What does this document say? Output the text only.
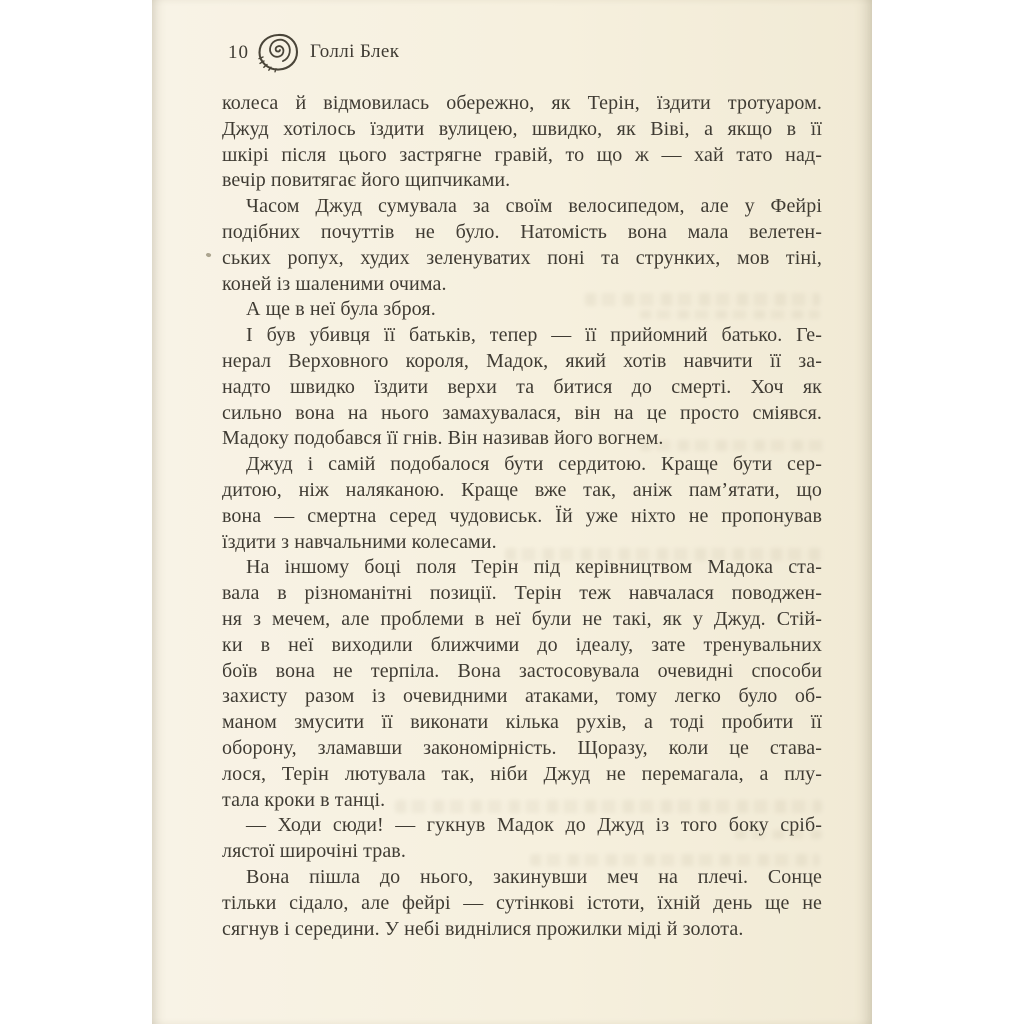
10	Голлі Блек
колеса й відмовилась обережно, як Терін, їздити тротуаром.
Джуд хотілось їздити вулицею, швидко, як Віві, а якщо в її
шкірі після цього застрягне гравій, то що ж — хай тато над-
вечір повитягає його щипчиками.
Часом Джуд сумувала за своїм велосипедом, але у Фейрі
подібних почуттів не було. Натомість вона мала велетен-
ських ропух, худих зеленуватих поні та струнких, мов тіні,
коней із шаленими очима.
А ще в неї була зброя.
І був убивця її батьків, тепер — її прийомний батько. Ге-
нерал Верховного короля, Мадок, який хотів навчити її за-
надто швидко їздити верхи та битися до смерті. Хоч як
сильно вона на нього замахувалася, він на це просто сміявся.
Мадоку подобався її гнів. Він називав його вогнем.
Джуд і самій подобалося бути сердитою. Краще бути сер-
дитою, ніж наляканою. Краще вже так, аніж пам’ятати, що
вона — смертна серед чудовиськ. Їй уже ніхто не пропонував
їздити з навчальними колесами.
На іншому боці поля Терін під керівництвом Мадока ста-
вала в різноманітні позиції. Терін теж навчалася поводжен-
ня з мечем, але проблеми в неї були не такі, як у Джуд. Стій-
ки в неї виходили ближчими до ідеалу, зате тренувальних
боїв вона не терпіла. Вона застосовувала очевидні способи
захисту разом із очевидними атаками, тому легко було об-
маном змусити її виконати кілька рухів, а тоді пробити її
оборону, зламавши закономірність. Щоразу, коли це става-
лося, Терін лютувала так, ніби Джуд не перемагала, а плу-
тала кроки в танці.
— Ходи сюди! — гукнув Мадок до Джуд із того боку сріб-
лястої широчіні трав.
Вона пішла до нього, закинувши меч на плечі. Сонце
тільки сідало, але фейрі — сутінкові істоти, їхній день ще не
сягнув і середини. У небі виднілися прожилки міді й золота.
